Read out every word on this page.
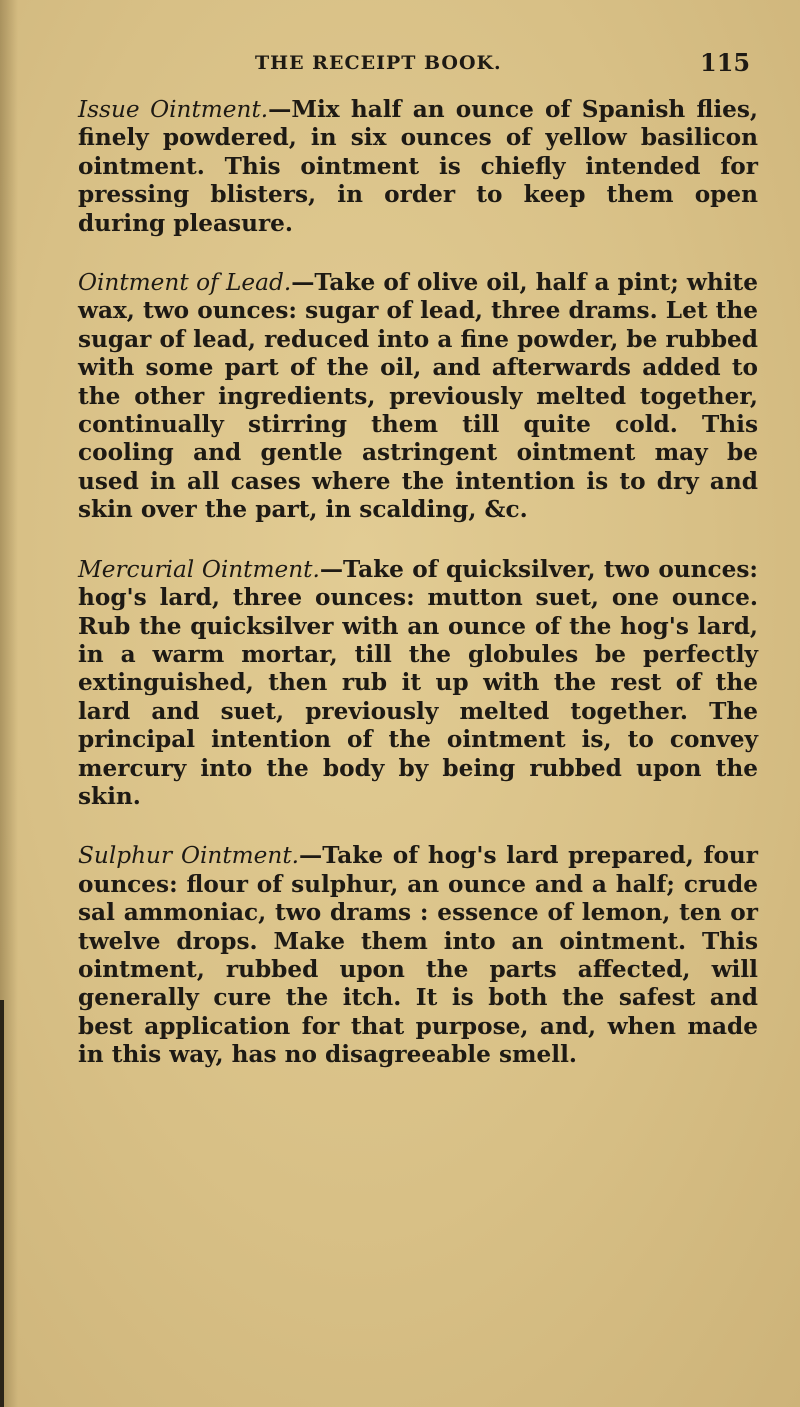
THE RECEIPT BOOK.	115

Issue Ointment.—Mix half an ounce of Spanish flies, finely powdered, in six ounces of yellow basilicon ointment. This ointment is chiefly intended for pressing blisters, in order to keep them open during pleasure.

Ointment of Lead.—Take of olive oil, half a pint; white wax, two ounces: sugar of lead, three drams. Let the sugar of lead, reduced into a fine powder, be rubbed with some part of the oil, and afterwards added to the other ingredients, previously melted together, continually stirring them till quite cold. This cooling and gentle astringent ointment may be used in all cases where the intention is to dry and skin over the part, in scalding, &c.

Mercurial Ointment.—Take of quicksilver, two ounces: hog's lard, three ounces: mutton suet, one ounce. Rub the quicksilver with an ounce of the hog's lard, in a warm mortar, till the globules be perfectly extinguished, then rub it up with the rest of the lard and suet, previously melted together. The principal intention of the ointment is, to convey mercury into the body by being rubbed upon the skin.

Sulphur Ointment.—Take of hog's lard prepared, four ounces: flour of sulphur, an ounce and a half; crude sal ammoniac, two drams : essence of lemon, ten or twelve drops. Make them into an ointment. This ointment, rubbed upon the parts affected, will generally cure the itch. It is both the safest and best application for that purpose, and, when made in this way, has no disagreeable smell.
